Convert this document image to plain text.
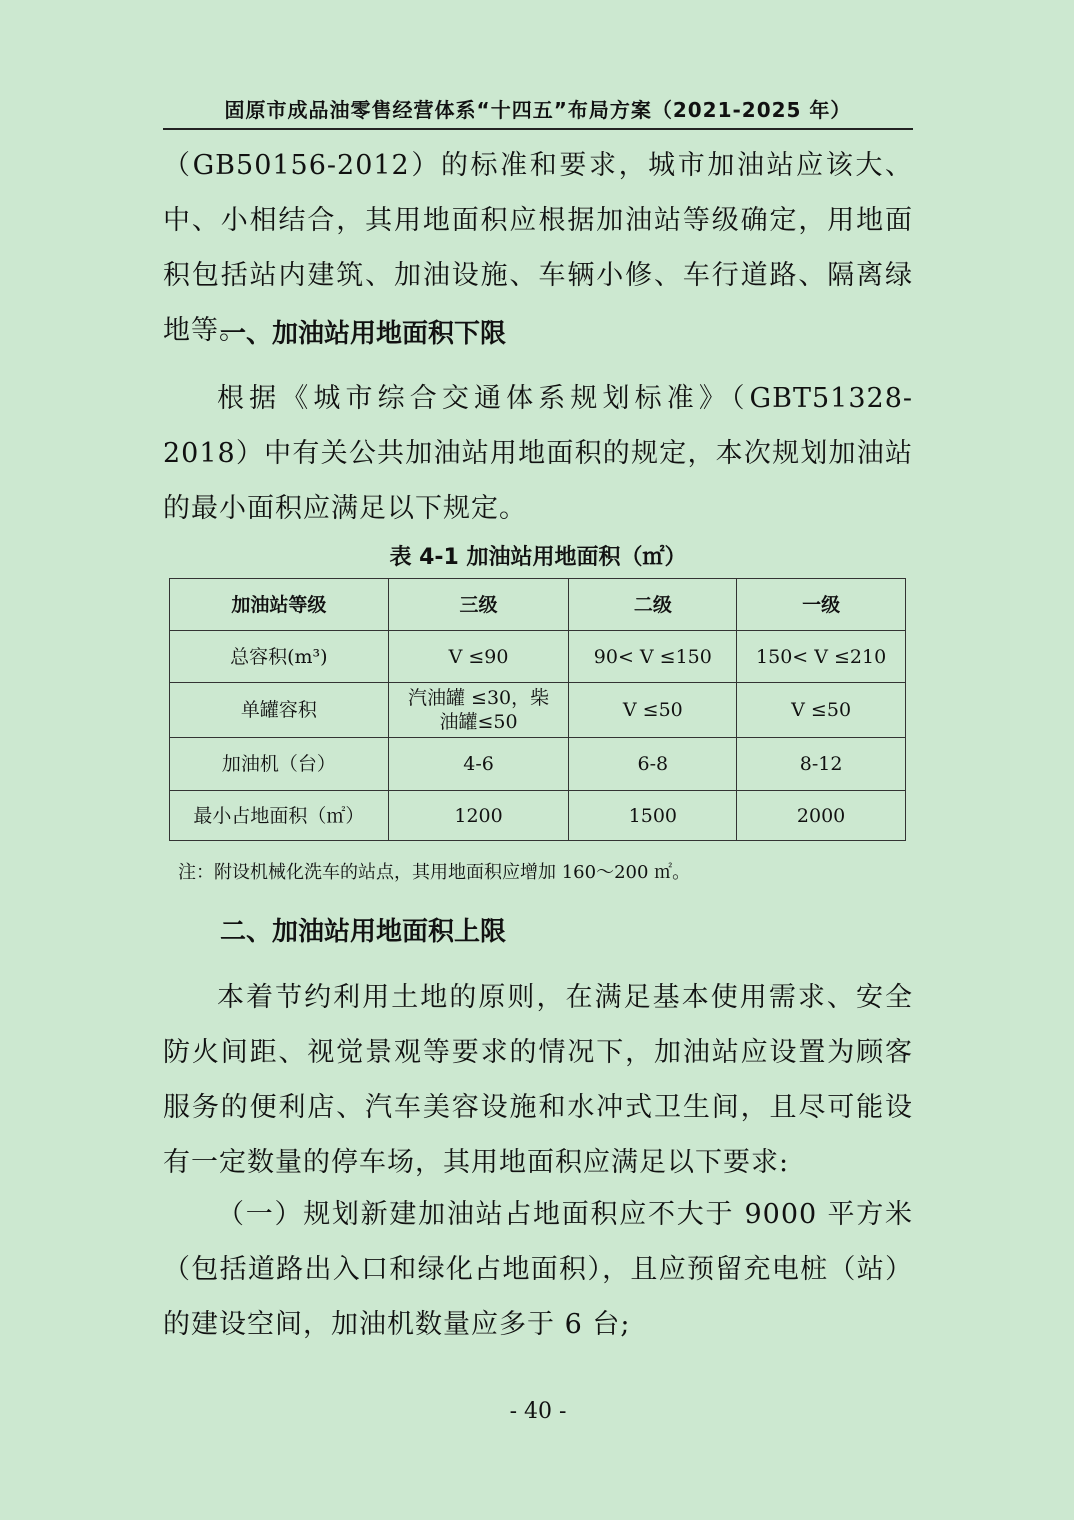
固原市成品油零售经营体系“十四五”布局方案（2021-2025 年）

（GB50156-2012）的标准和要求，城市加油站应该大、中、小相结合，其用地面积应根据加油站等级确定，用地面积包括站内建筑、加油设施、车辆小修、车行道路、隔离绿地等。

一、加油站用地面积下限

根据《城市综合交通体系规划标准》（GBT51328-2018）中有关公共加油站用地面积的规定，本次规划加油站的最小面积应满足以下规定。

表 4-1 加油站用地面积（㎡）
加油站等级	三级	二级	一级
总容积(m³)	V ≤90	90< V ≤150	150< V ≤210
单罐容积	汽油罐 ≤30，柴油罐≤50	V ≤50	V ≤50
加油机（台）	4-6	6-8	8-12
最小占地面积（㎡）	1200	1500	2000
注：附设机械化洗车的站点，其用地面积应增加 160～200 ㎡。
二、加油站用地面积上限

本着节约利用土地的原则，在满足基本使用需求、安全防火间距、视觉景观等要求的情况下，加油站应设置为顾客服务的便利店、汽车美容设施和水冲式卫生间，且尽可能设有一定数量的停车场，其用地面积应满足以下要求:

（一）规划新建加油站占地面积应不大于 9000 平方米（包括道路出入口和绿化占地面积），且应预留充电桩（站）的建设空间，加油机数量应多于 6 台;

- 40 -
